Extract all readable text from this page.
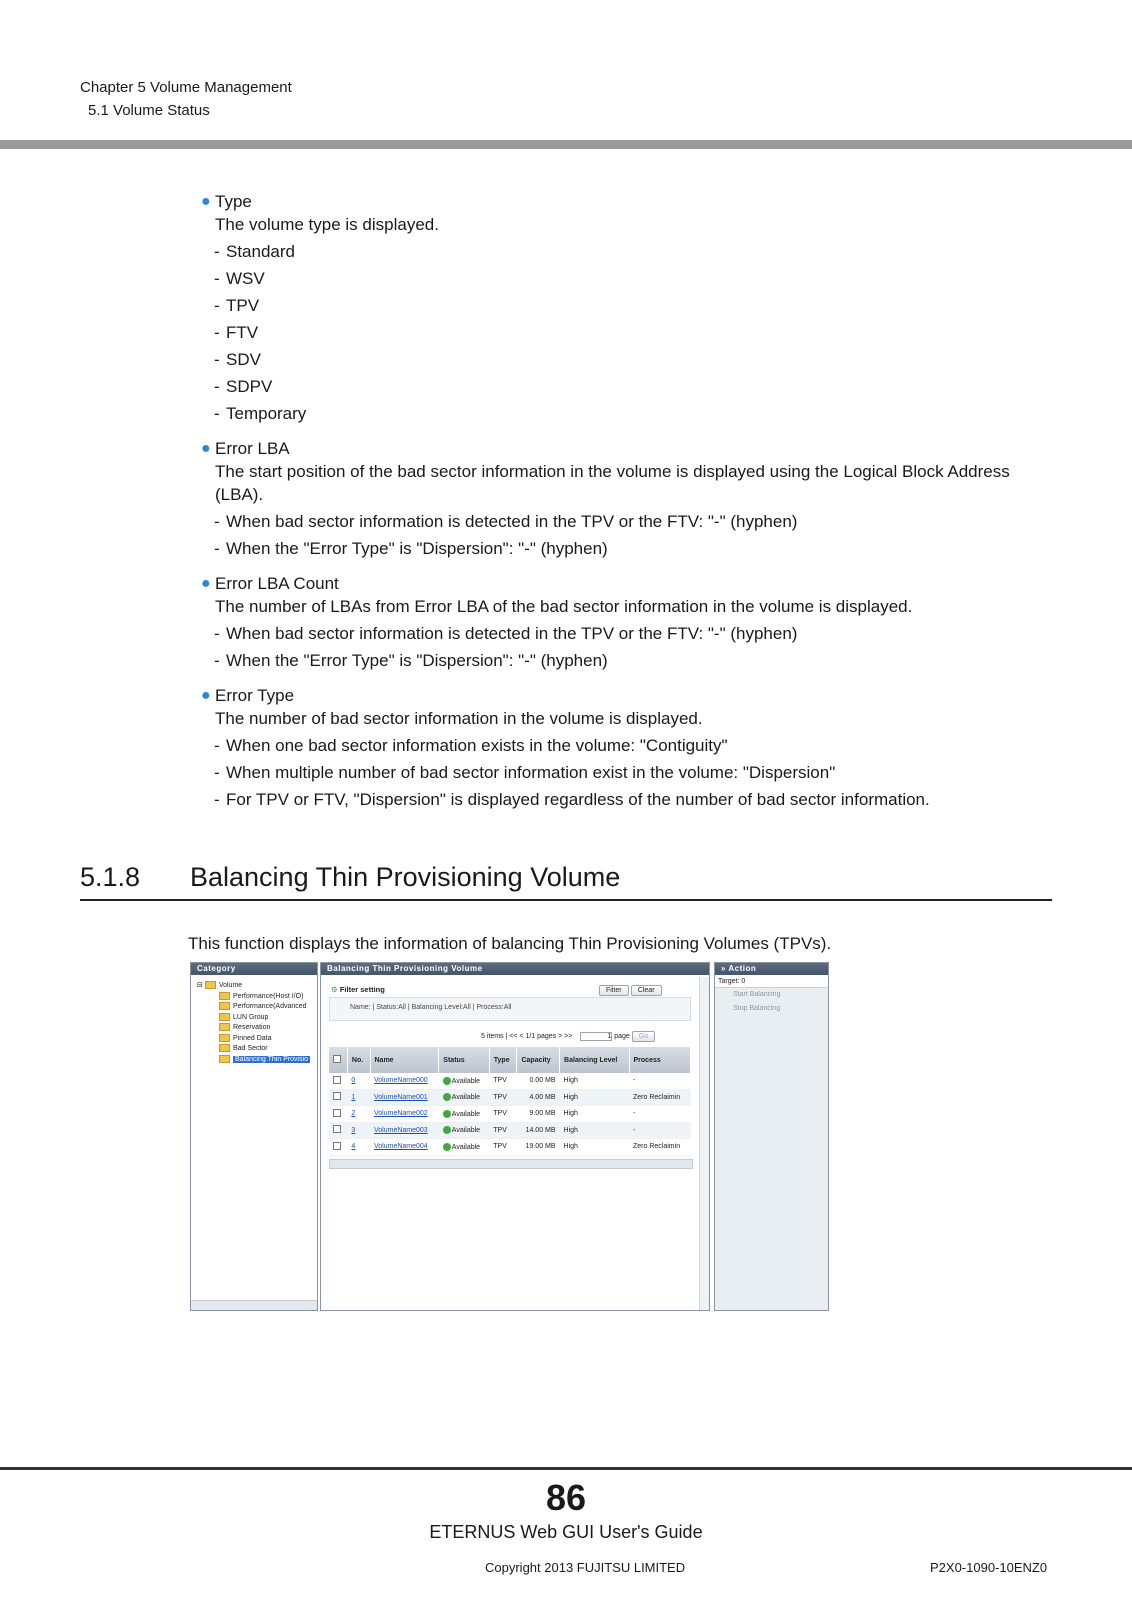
Chapter 5 Volume Management
5.1 Volume Status
● Type
The volume type is displayed.
- Standard
- WSV
- TPV
- FTV
- SDV
- SDPV
- Temporary
● Error LBA
The start position of the bad sector information in the volume is displayed using the Logical Block Address (LBA).
- When bad sector information is detected in the TPV or the FTV: "-" (hyphen)
- When the "Error Type" is "Dispersion": "-" (hyphen)
● Error LBA Count
The number of LBAs from Error LBA of the bad sector information in the volume is displayed.
- When bad sector information is detected in the TPV or the FTV: "-" (hyphen)
- When the "Error Type" is "Dispersion": "-" (hyphen)
● Error Type
The number of bad sector information in the volume is displayed.
- When one bad sector information exists in the volume: "Contiguity"
- When multiple number of bad sector information exist in the volume: "Dispersion"
- For TPV or FTV, "Dispersion" is displayed regardless of the number of bad sector information.
5.1.8 Balancing Thin Provisioning Volume
This function displays the information of balancing Thin Provisioning Volumes (TPVs).
Category
⊟ Volume
Performance(Host I/O)
Performance(Advanced
LUN Group
Reservation
Pinned Data
Bad Sector
Balancing Thin Provisio
Balancing Thin Provisioning Volume
⚙ Filter setting	Filter Clear
Name: | Status:All | Balancing Level:All | Process:All
5 items | << < 1/1 pages > >>	1 page Go
	No.	Name	Status	Type	Capacity	Balancing Level	Process
	0	VolumeName000	Available	TPV	0.00 MB	High	-
	1	VolumeName001	Available	TPV	4.00 MB	High	Zero Reclaimin
	2	VolumeName002	Available	TPV	9.00 MB	High	-
	3	VolumeName003	Available	TPV	14.00 MB	High	-
	4	VolumeName004	Available	TPV	19.00 MB	High	Zero Reclaimin
» Action
Target: 0
Start Balancing
Stop Balancing
86
ETERNUS Web GUI User's Guide
Copyright 2013 FUJITSU LIMITED	P2X0-1090-10ENZ0
